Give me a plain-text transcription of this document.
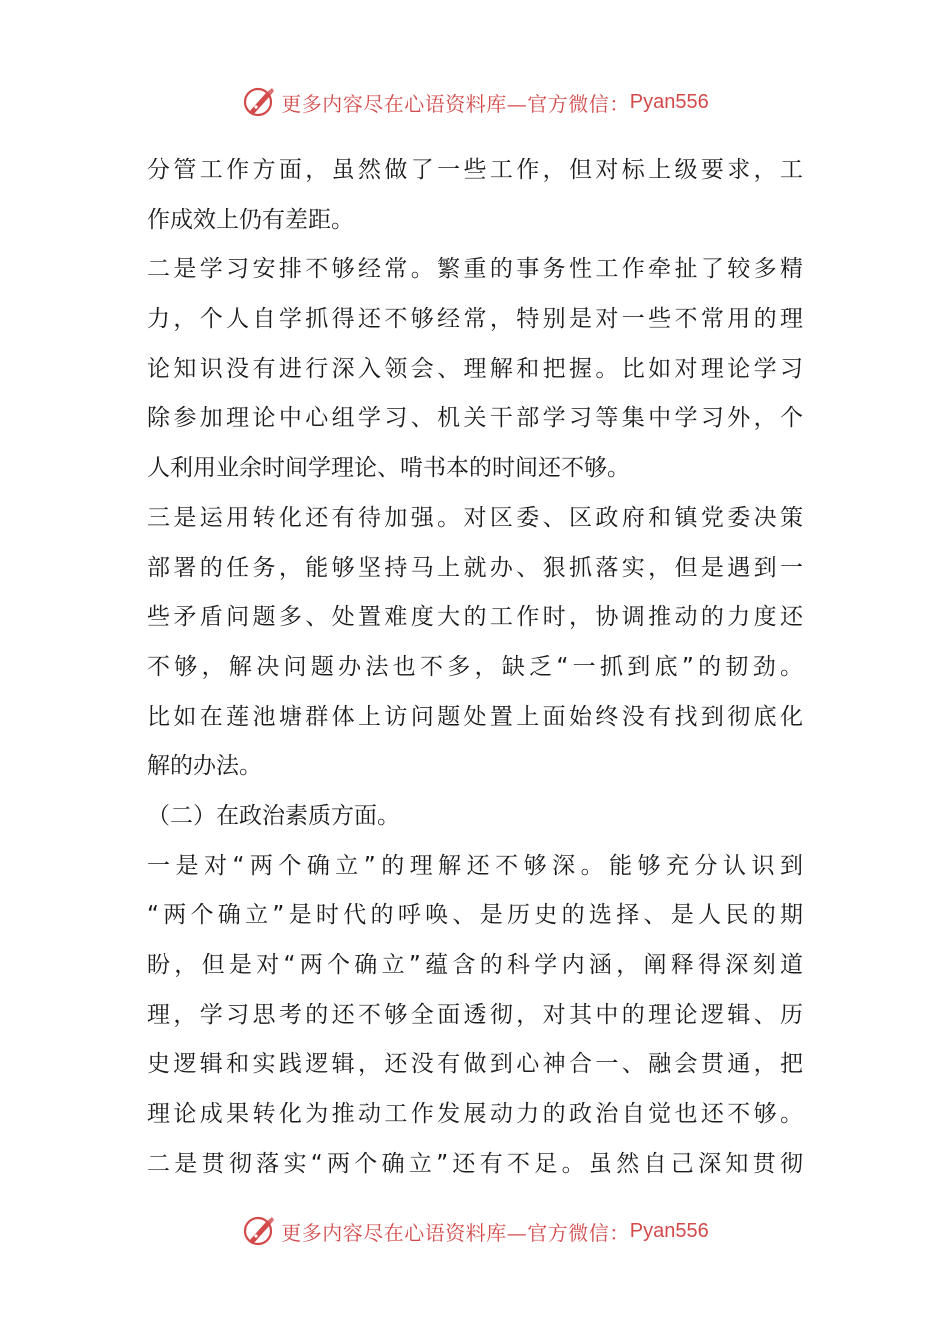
更多内容尽在心语资料库—官方微信： Pyan556
分管工作方面，虽然做了一些工作，但对标上级要求，工
作成效上仍有差距。
二是学习安排不够经常。繁重的事务性工作牵扯了较多精
力，个人自学抓得还不够经常，特别是对一些不常用的理
论知识没有进行深入领会、理解和把握。比如对理论学习
除参加理论中心组学习、机关干部学习等集中学习外，个
人利用业余时间学理论、啃书本的时间还不够。
三是运用转化还有待加强。对区委、区政府和镇党委决策
部署的任务，能够坚持马上就办、狠抓落实，但是遇到一
些矛盾问题多、处置难度大的工作时，协调推动的力度还
不够，解决问题办法也不多，缺乏“一抓到底”的韧劲。
比如在莲池塘群体上访问题处置上面始终没有找到彻底化
解的办法。
（二）在政治素质方面。
一是对“两个确立”的理解还不够深。能够充分认识到
“两个确立”是时代的呼唤、是历史的选择、是人民的期
盼，但是对“两个确立”蕴含的科学内涵，阐释得深刻道
理，学习思考的还不够全面透彻，对其中的理论逻辑、历
史逻辑和实践逻辑，还没有做到心神合一、融会贯通，把
理论成果转化为推动工作发展动力的政治自觉也还不够。
二是贯彻落实“两个确立”还有不足。虽然自己深知贯彻
更多内容尽在心语资料库—官方微信： Pyan556
